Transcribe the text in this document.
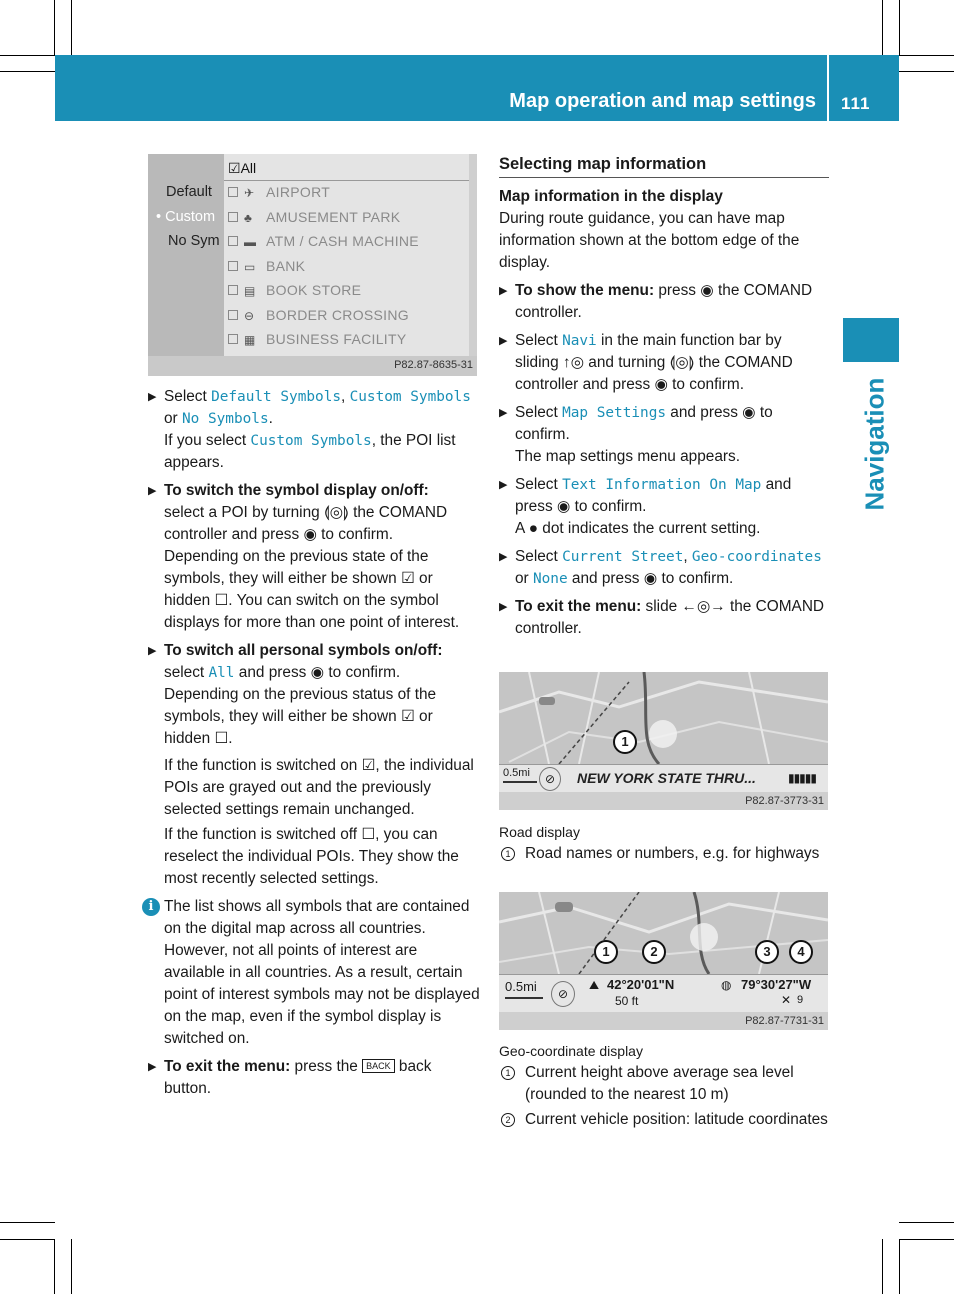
Map operation and map settings 111
Navigation
Default
• Custom
No Sym
☑All
✈ AIRPORT
♣ AMUSEMENT PARK
▬ ATM / CASH MACHINE
▭ BANK
▤ BOOK STORE
⊖ BORDER CROSSING
▦ BUSINESS FACILITY
P82.87-8635-31
▶ Select Default Symbols, Custom Symbols or No Symbols.
If you select Custom Symbols, the POI list appears.
▶ To switch the symbol display on/off:
select a POI by turning ⟬◎⟭ the COMAND controller and press ◉ to confirm.
Depending on the previous state of the symbols, they will either be shown ☑ or hidden ☐. You can switch on the symbol displays for more than one point of interest.
▶ To switch all personal symbols on/off:
select All and press ◉ to confirm.
Depending on the previous status of the symbols, they will either be shown ☑ or hidden ☐.

If the function is switched on ☑, the individual POIs are grayed out and the previously selected settings remain unchanged.

If the function is switched off ☐, you can reselect the individual POIs. They show the most recently selected settings.

i The list shows all symbols that are contained on the digital map across all countries. However, not all points of interest are available in all countries. As a result, certain point of interest symbols may not be displayed on the map, even if the symbol display is switched on.
▶ To exit the menu: press the BACK back button.
Selecting map information
Map information in the display

During route guidance, you can have map information shown at the bottom edge of the display.

▶ To show the menu: press ◉ the COMAND controller.
▶ Select Navi in the main function bar by sliding ↑◎ and turning ⟬◎⟭ the COMAND controller and press ◉ to confirm.
▶ Select Map Settings and press ◉ to confirm.
The map settings menu appears.
▶ Select Text Information On Map and press ◉ to confirm.
A ● dot indicates the current setting.
▶ Select Current Street, Geo-coordinates or None and press ◉ to confirm.
▶ To exit the menu: slide ←◎→ the COMAND controller.
1
0.5mi	⊘	NEW YORK STATE THRU...	▮▮▮▮▮
P82.87-3773-31
Road display
1 Road names or numbers, e.g. for highways
1	2	3	4
0.5mi	⊘
⛰ 42°20'01"N
50 ft
◍ 79°30'27"W
✕ 9
P82.87-7731-31
Geo-coordinate display
1 Current height above average sea level (rounded to the nearest 10 m)
2 Current vehicle position: latitude coordinates
